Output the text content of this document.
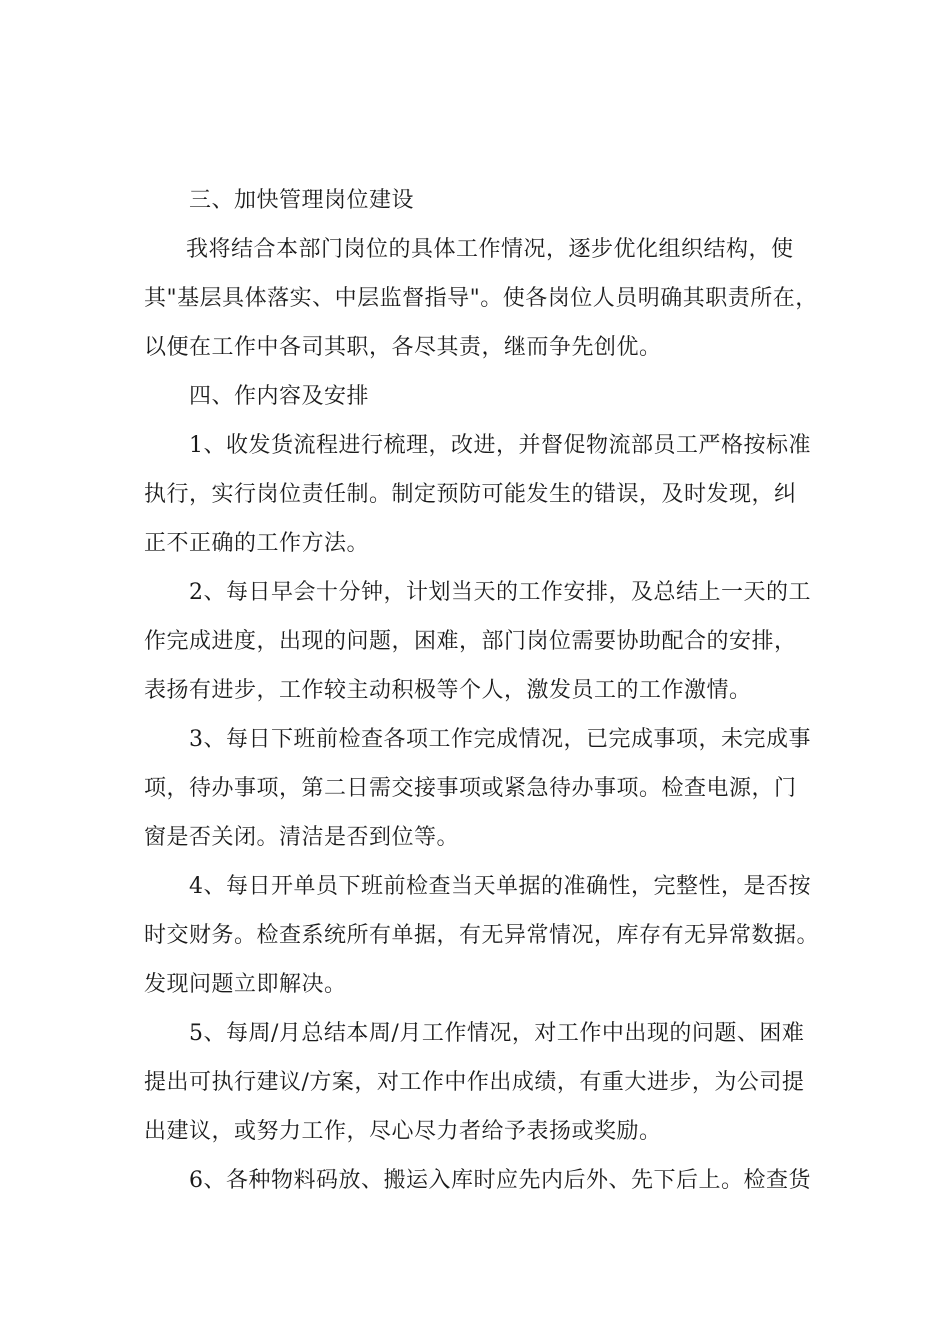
三、加快管理岗位建设
我将结合本部门岗位的具体工作情况，逐步优化组织结构，使
其"基层具体落实、中层监督指导"。使各岗位人员明确其职责所在，
以便在工作中各司其职，各尽其责，继而争先创优。
四、作内容及安排
1、收发货流程进行梳理，改进，并督促物流部员工严格按标准
执行，实行岗位责任制。制定预防可能发生的错误，及时发现，纠
正不正确的工作方法。
2、每日早会十分钟，计划当天的工作安排，及总结上一天的工
作完成进度，出现的问题，困难，部门岗位需要协助配合的安排，
表扬有进步，工作较主动积极等个人，激发员工的工作激情。
3、每日下班前检查各项工作完成情况，已完成事项，未完成事
项，待办事项，第二日需交接事项或紧急待办事项。检查电源，门
窗是否关闭。清洁是否到位等。
4、每日开单员下班前检查当天单据的准确性，完整性，是否按
时交财务。检查系统所有单据，有无异常情况，库存有无异常数据。
发现问题立即解决。
5、每周/月总结本周/月工作情况，对工作中出现的问题、困难
提出可执行建议/方案，对工作中作出成绩，有重大进步，为公司提
出建议，或努力工作，尽心尽力者给予表扬或奖励。
6、各种物料码放、搬运入库时应先内后外、先下后上。检查货
